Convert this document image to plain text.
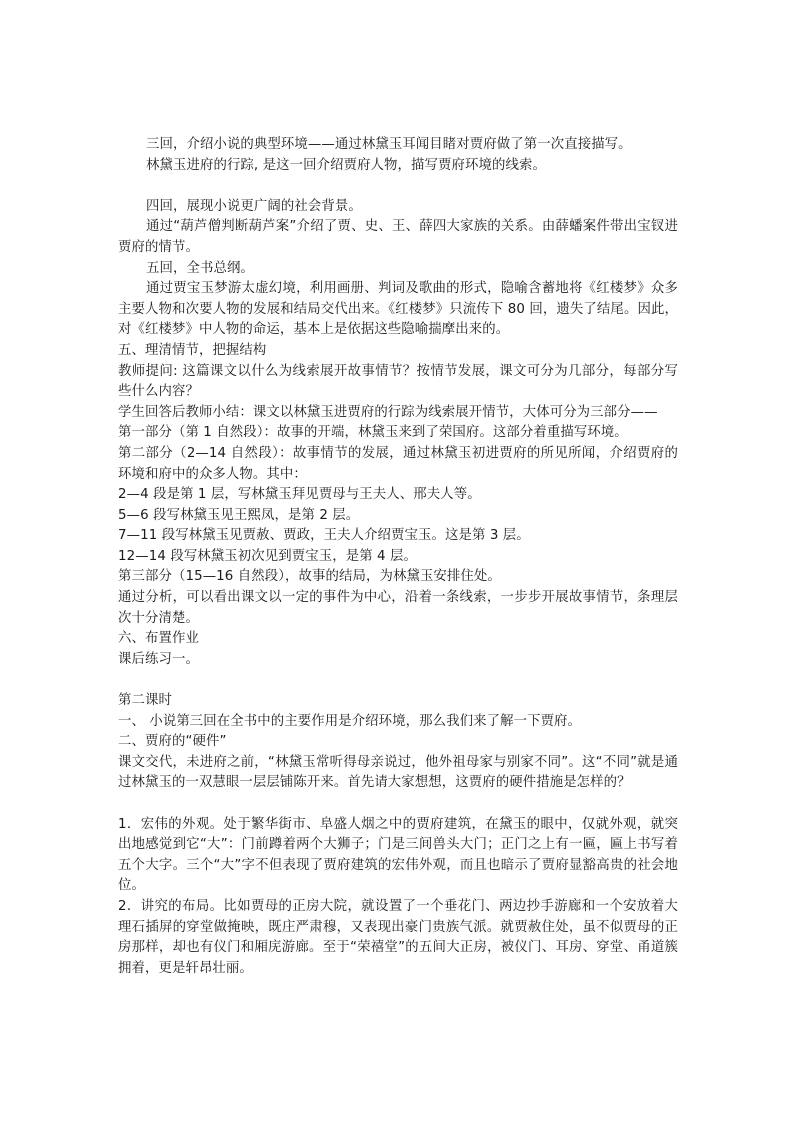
三回，介绍小说的典型环境——通过林黛玉耳闻目睹对贾府做了第一次直接描写。

林黛玉进府的行踪, 是这一回介绍贾府人物，描写贾府环境的线索。

四回，展现小说更广阔的社会背景。

通过“葫芦僧判断葫芦案”介绍了贾、史、王、薛四大家族的关系。由薛蟠案件带出宝钗进贾府的情节。

五回，全书总纲。

通过贾宝玉梦游太虚幻境，利用画册、判词及歌曲的形式，隐喻含蓄地将《红楼梦》众多主要人物和次要人物的发展和结局交代出来。《红楼梦》只流传下 80 回，遗失了结尾。因此，对《红楼梦》中人物的命运，基本上是依据这些隐喻揣摩出来的。

五、理清情节，把握结构

教师提问: 这篇课文以什么为线索展开故事情节？按情节发展，课文可分为几部分，每部分写些什么内容？

学生回答后教师小结：课文以林黛玉进贾府的行踪为线索展开情节，大体可分为三部分——

第一部分（第 1 自然段）：故事的开端，林黛玉来到了荣国府。这部分着重描写环境。

第二部分（2—14 自然段）：故事情节的发展，通过林黛玉初进贾府的所见所闻，介绍贾府的环境和府中的众多人物。其中：

2—4 段是第 1 层，写林黛玉拜见贾母与王夫人、邢夫人等。

5—6 段写林黛玉见王熙凤，是第 2 层。

7—11 段写林黛玉见贾赦、贾政，王夫人介绍贾宝玉。这是第 3 层。

12—14 段写林黛玉初次见到贾宝玉，是第 4 层。

第三部分（15—16 自然段），故事的结局，为林黛玉安排住处。

通过分析，可以看出课文以一定的事件为中心，沿着一条线索，一步步开展故事情节，条理层次十分清楚。

六、布置作业

课后练习一。

第二课时

一、 小说第三回在全书中的主要作用是介绍环境，那么我们来了解一下贾府。

二、贾府的“硬件”

课文交代，未进府之前，“林黛玉常听得母亲说过，他外祖母家与别家不同”。这“不同”就是通过林黛玉的一双慧眼一层层铺陈开来。首先请大家想想，这贾府的硬件措施是怎样的？

1．宏伟的外观。处于繁华街市、阜盛人烟之中的贾府建筑，在黛玉的眼中，仅就外观，就突出地感觉到它“大”：门前蹲着两个大狮子；门是三间兽头大门；正门之上有一匾，匾上书写着五个大字。三个“大”字不但表现了贾府建筑的宏伟外观，而且也暗示了贾府显豁高贵的社会地位。

2．讲究的布局。比如贾母的正房大院，就设置了一个垂花门、两边抄手游廊和一个安放着大理石插屏的穿堂做掩映，既庄严肃穆，又表现出豪门贵族气派。就贾赦住处，虽不似贾母的正房那样，却也有仪门和厢庑游廊。至于“荣禧堂”的五间大正房，被仪门、耳房、穿堂、甬道簇拥着，更是轩昂壮丽。
